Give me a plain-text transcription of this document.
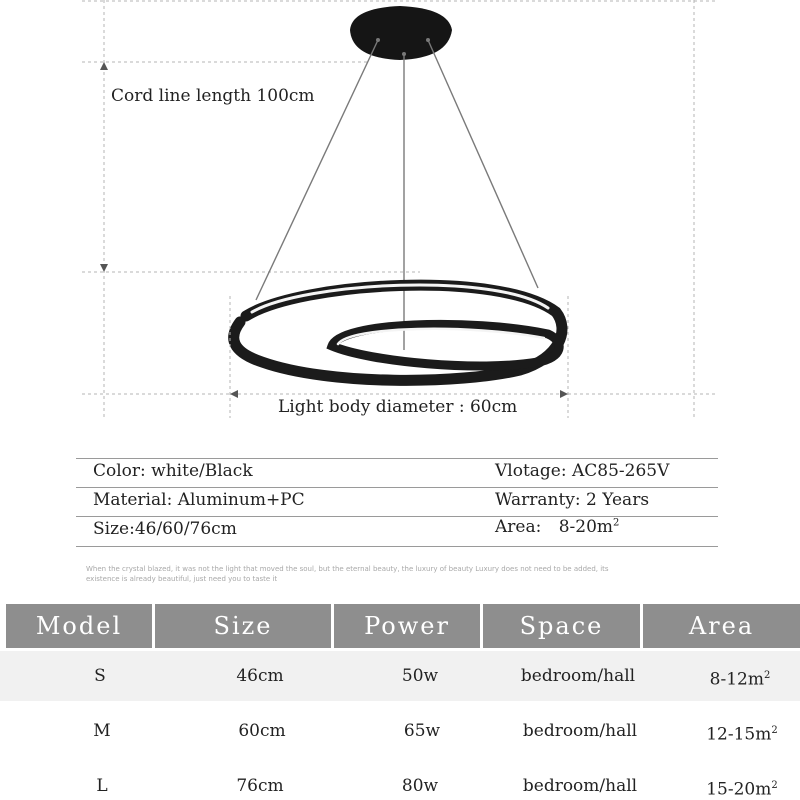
Cord line length 100cm
Light body diameter : 60cm
Color: white/Black	Vlotage: AC85-265V
Material: Aluminum+PC	Warranty: 2 Years
Size:46/60/76cm	Area: $8-20m^2$
When the crystal blazed, it was not the light that moved the soul, but the eternal beauty, the luxury of beauty Luxury does not need to be added, its existence is already beautiful, just need you to taste it
Model	Size	Power	Space	Area
S	46cm	50w	bedroom/hall	$8-12m^2$
M	60cm	65w	bedroom/hall	$12-15m^2$
L	76cm	80w	bedroom/hall	$15-20m^2$
